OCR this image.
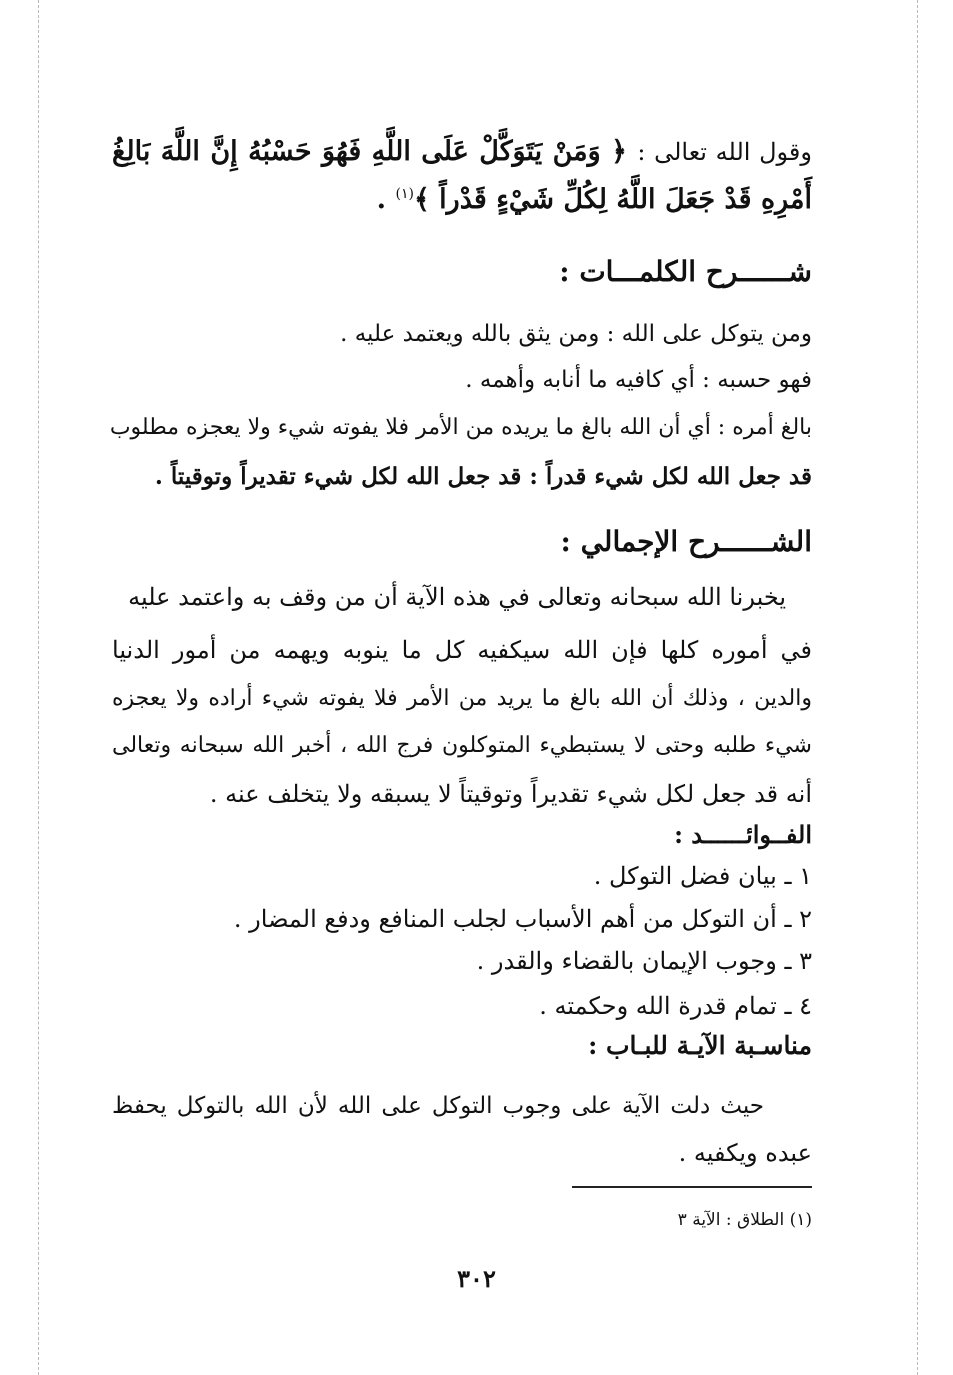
وقول الله تعالى : ﴿ وَمَنْ يَتَوَكَّلْ عَلَى اللَّهِ فَهُوَ حَسْبُهُ إِنَّ اللَّهَ بَالِغُ
أَمْرِهِ قَدْ جَعَلَ اللَّهُ لِكُلِّ شَيْءٍ قَدْراً ﴾$^{(١)}$ .
شــــــرح الكلمـــات :
ومن يتوكل على الله : ومن يثق بالله ويعتمد عليه .
فهو حسبه : أي كافيه ما أنابه وأهمه .
بالغ أمره : أي أن الله بالغ ما يريده من الأمر فلا يفوته شيء ولا يعجزه مطلوب
قد جعل الله لكل شيء قدراً : قد جعل الله لكل شيء تقديراً وتوقيتاً .
الشــــــرح الإجمالي :
يخبرنا الله سبحانه وتعالى في هذه الآية أن من وقف به واعتمد عليه
في أموره كلها فإن الله سيكفيه كل ما ينوبه ويهمه من أمور الدنيا
والدين ، وذلك أن الله بالغ ما يريد من الأمر فلا يفوته شيء أراده ولا يعجزه
شيء طلبه وحتى لا يستبطيء المتوكلون فرج الله ، أخبر الله سبحانه وتعالى
أنه قد جعل لكل شيء تقديراً وتوقيتاً لا يسبقه ولا يتخلف عنه .
الفــوائــــــد :
١ ـ بيان فضل التوكل .
٢ ـ أن التوكل من أهم الأسباب لجلب المنافع ودفع المضار .
٣ ـ وجوب الإيمان بالقضاء والقدر .
٤ ـ تمام قدرة الله وحكمته .
مناسـبة الآيـة للبـاب :
حيث دلت الآية على وجوب التوكل على الله لأن الله بالتوكل يحفظ
عبده ويكفيه .
(١) الطلاق : الآية ٣
٣٠٢
